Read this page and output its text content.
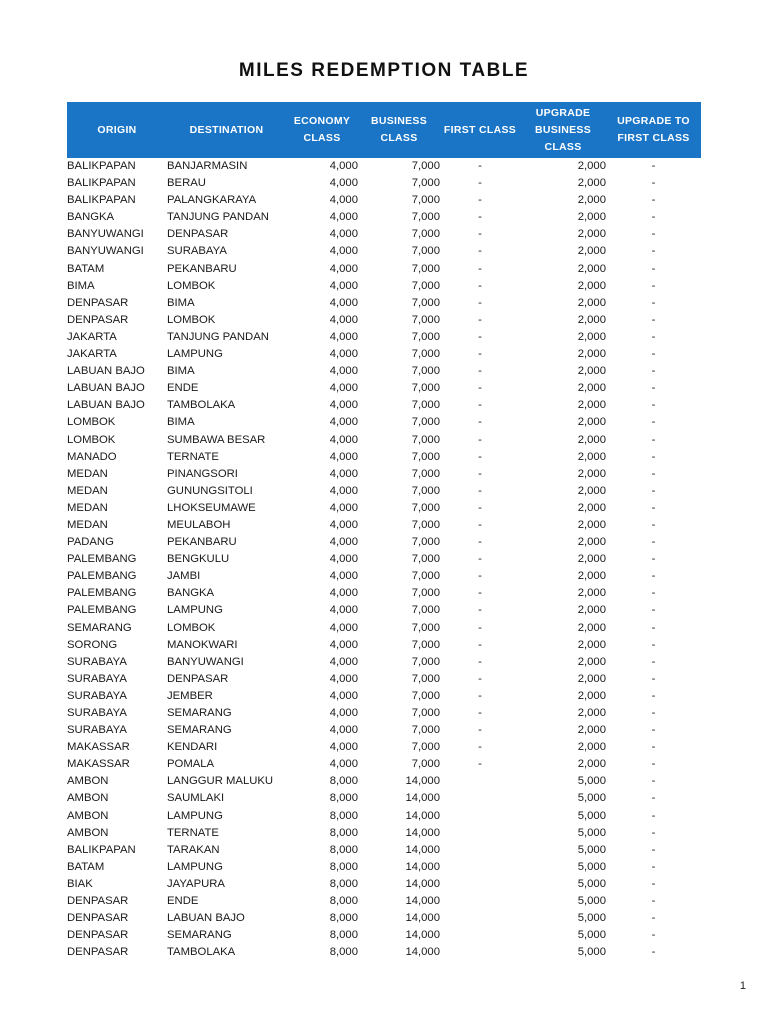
MILES REDEMPTION TABLE
ORIGIN	DESTINATION	ECONOMY CLASS	BUSINESS CLASS	FIRST CLASS	UPGRADE BUSINESS CLASS	UPGRADE TO FIRST CLASS
BALIKPAPAN	BANJARMASIN	4,000	7,000	-	2,000	-
BALIKPAPAN	BERAU	4,000	7,000	-	2,000	-
BALIKPAPAN	PALANGKARAYA	4,000	7,000	-	2,000	-
BANGKA	TANJUNG PANDAN	4,000	7,000	-	2,000	-
BANYUWANGI	DENPASAR	4,000	7,000	-	2,000	-
BANYUWANGI	SURABAYA	4,000	7,000	-	2,000	-
BATAM	PEKANBARU	4,000	7,000	-	2,000	-
BIMA	LOMBOK	4,000	7,000	-	2,000	-
DENPASAR	BIMA	4,000	7,000	-	2,000	-
DENPASAR	LOMBOK	4,000	7,000	-	2,000	-
JAKARTA	TANJUNG PANDAN	4,000	7,000	-	2,000	-
JAKARTA	LAMPUNG	4,000	7,000	-	2,000	-
LABUAN BAJO	BIMA	4,000	7,000	-	2,000	-
LABUAN BAJO	ENDE	4,000	7,000	-	2,000	-
LABUAN BAJO	TAMBOLAKA	4,000	7,000	-	2,000	-
LOMBOK	BIMA	4,000	7,000	-	2,000	-
LOMBOK	SUMBAWA BESAR	4,000	7,000	-	2,000	-
MANADO	TERNATE	4,000	7,000	-	2,000	-
MEDAN	PINANGSORI	4,000	7,000	-	2,000	-
MEDAN	GUNUNGSITOLI	4,000	7,000	-	2,000	-
MEDAN	LHOKSEUMAWE	4,000	7,000	-	2,000	-
MEDAN	MEULABOH	4,000	7,000	-	2,000	-
PADANG	PEKANBARU	4,000	7,000	-	2,000	-
PALEMBANG	BENGKULU	4,000	7,000	-	2,000	-
PALEMBANG	JAMBI	4,000	7,000	-	2,000	-
PALEMBANG	BANGKA	4,000	7,000	-	2,000	-
PALEMBANG	LAMPUNG	4,000	7,000	-	2,000	-
SEMARANG	LOMBOK	4,000	7,000	-	2,000	-
SORONG	MANOKWARI	4,000	7,000	-	2,000	-
SURABAYA	BANYUWANGI	4,000	7,000	-	2,000	-
SURABAYA	DENPASAR	4,000	7,000	-	2,000	-
SURABAYA	JEMBER	4,000	7,000	-	2,000	-
SURABAYA	SEMARANG	4,000	7,000	-	2,000	-
SURABAYA	SEMARANG	4,000	7,000	-	2,000	-
MAKASSAR	KENDARI	4,000	7,000	-	2,000	-
MAKASSAR	POMALA	4,000	7,000	-	2,000	-
AMBON	LANGGUR MALUKU	8,000	14,000		5,000	-
AMBON	SAUMLAKI	8,000	14,000		5,000	-
AMBON	LAMPUNG	8,000	14,000		5,000	-
AMBON	TERNATE	8,000	14,000		5,000	-
BALIKPAPAN	TARAKAN	8,000	14,000		5,000	-
BATAM	LAMPUNG	8,000	14,000		5,000	-
BIAK	JAYAPURA	8,000	14,000		5,000	-
DENPASAR	ENDE	8,000	14,000		5,000	-
DENPASAR	LABUAN BAJO	8,000	14,000		5,000	-
DENPASAR	SEMARANG	8,000	14,000		5,000	-
DENPASAR	TAMBOLAKA	8,000	14,000		5,000	-
1
